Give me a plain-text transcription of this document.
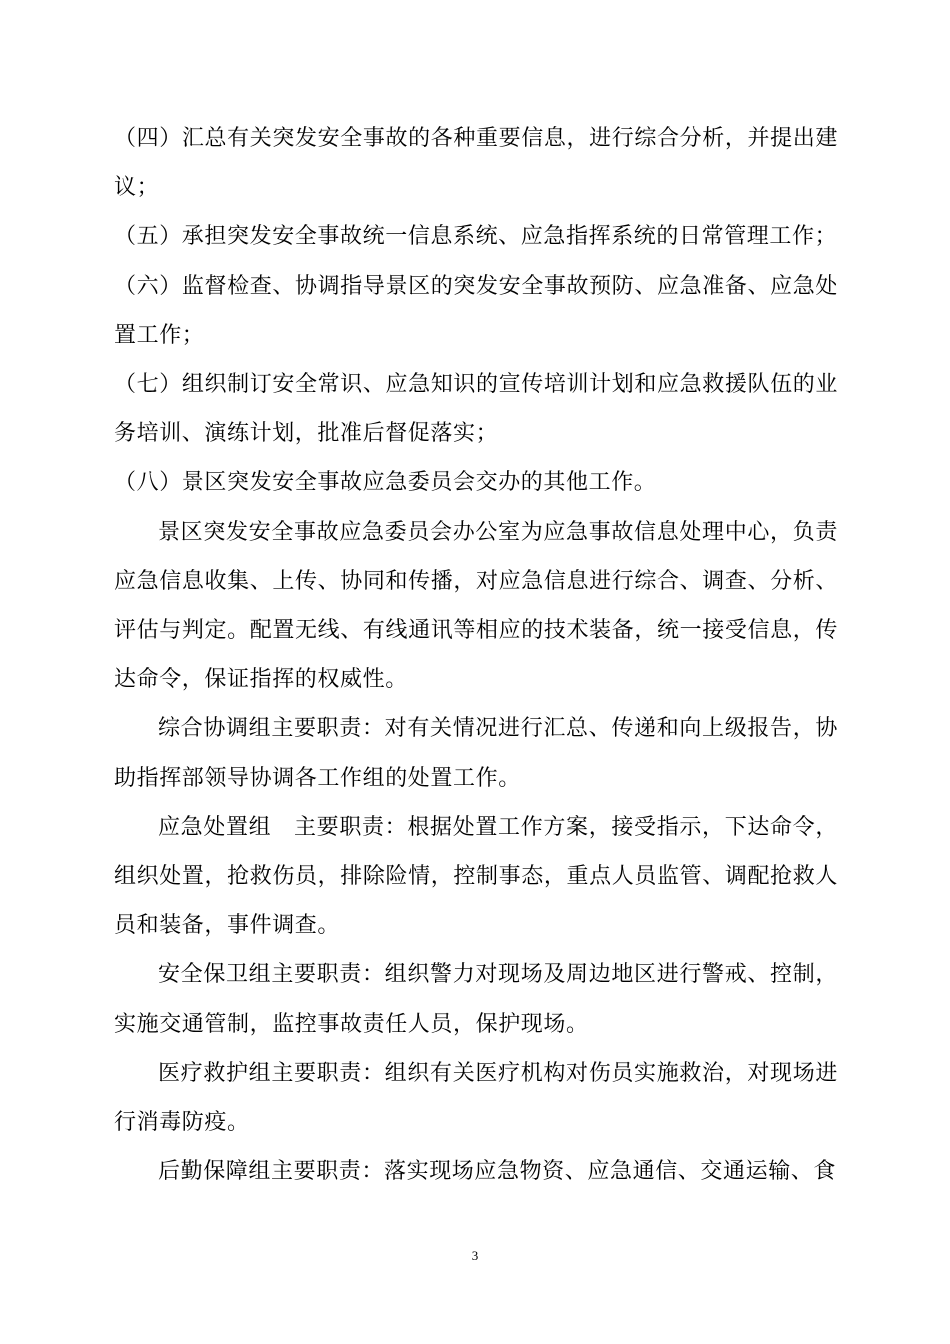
（四）汇总有关突发安全事故的各种重要信息，进行综合分析，并提出建议；

（五）承担突发安全事故统一信息系统、应急指挥系统的日常管理工作；

（六）监督检查、协调指导景区的突发安全事故预防、应急准备、应急处置工作；

（七）组织制订安全常识、应急知识的宣传培训计划和应急救援队伍的业务培训、演练计划，批准后督促落实；

（八）景区突发安全事故应急委员会交办的其他工作。

景区突发安全事故应急委员会办公室为应急事故信息处理中心，负责应急信息收集、上传、协同和传播，对应急信息进行综合、调查、分析、评估与判定。配置无线、有线通讯等相应的技术装备，统一接受信息，传达命令，保证指挥的权威性。

综合协调组主要职责：对有关情况进行汇总、传递和向上级报告，协助指挥部领导协调各工作组的处置工作。

应急处置组　主要职责：根据处置工作方案，接受指示，下达命令，组织处置，抢救伤员，排除险情，控制事态，重点人员监管、调配抢救人员和装备，事件调查。

安全保卫组主要职责：组织警力对现场及周边地区进行警戒、控制，实施交通管制，监控事故责任人员，保护现场。

医疗救护组主要职责：组织有关医疗机构对伤员实施救治，对现场进行消毒防疫。

后勤保障组主要职责：落实现场应急物资、应急通信、交通运输、食

3
